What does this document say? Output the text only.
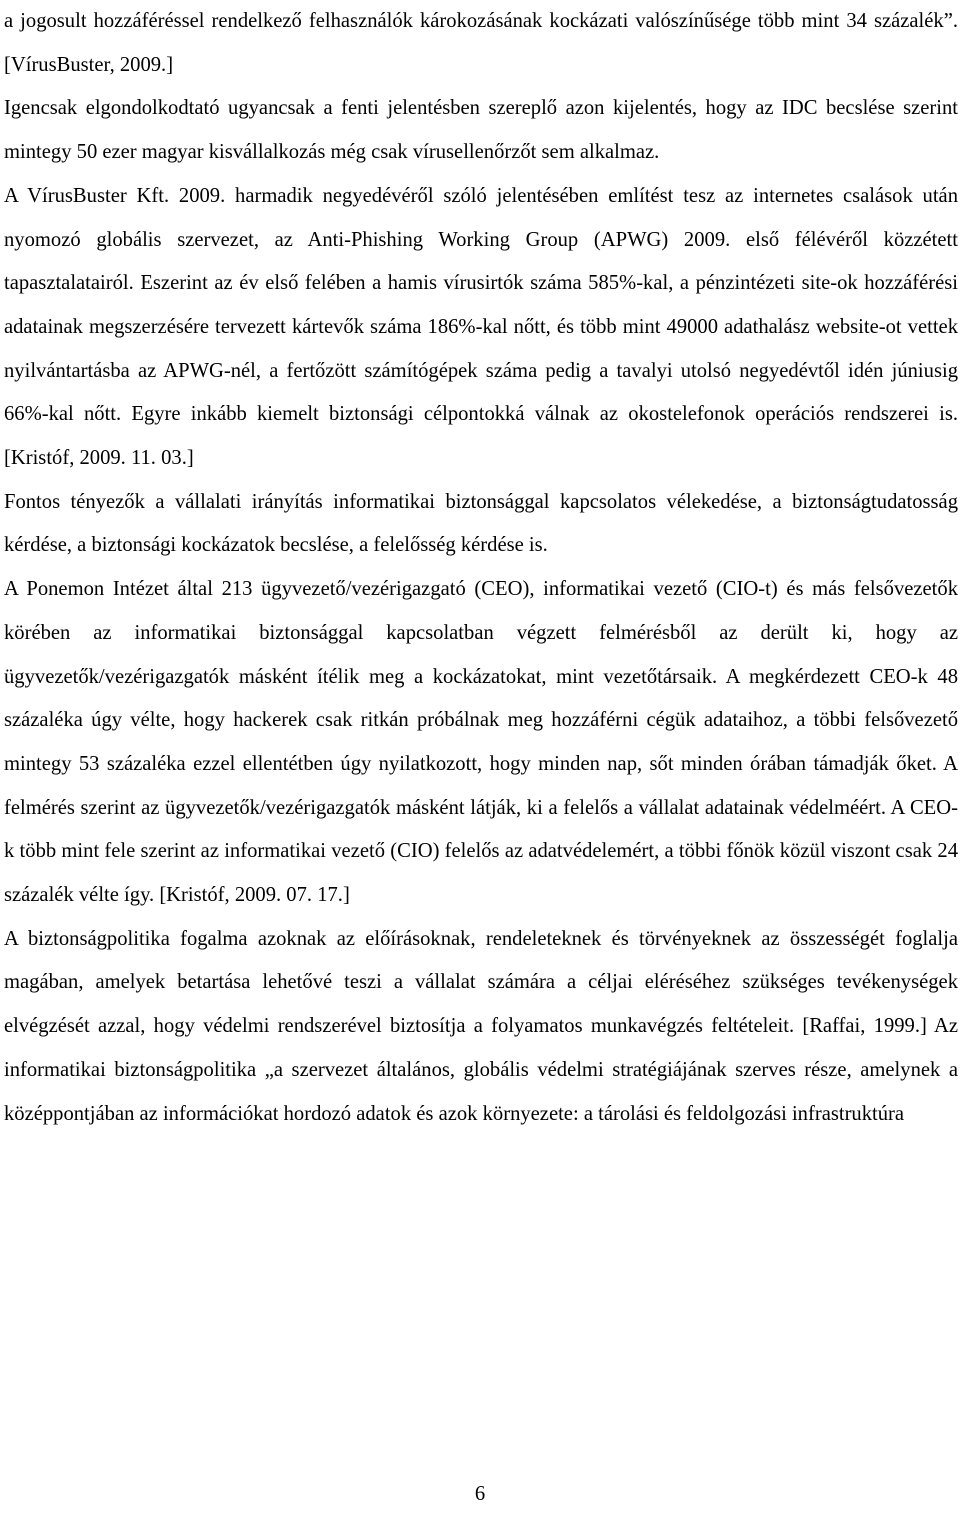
a jogosult hozzáféréssel rendelkező felhasználók károkozásának kockázati valószínűsége több mint 34 százalék”. [VírusBuster, 2009.]

Igencsak elgondolkodtató ugyancsak a fenti jelentésben szereplő azon kijelentés, hogy az IDC becslése szerint mintegy 50 ezer magyar kisvállalkozás még csak vírusellenőrzőt sem alkalmaz.

A VírusBuster Kft. 2009. harmadik negyedévéről szóló jelentésében említést tesz az internetes csalások után nyomozó globális szervezet, az Anti-Phishing Working Group (APWG) 2009. első félévéről közzétett tapasztalatairól. Eszerint az év első felében a hamis vírusirtók száma 585%-kal, a pénzintézeti site-ok hozzáférési adatainak megszerzésére tervezett kártevők száma 186%-kal nőtt, és több mint 49000 adathalász website-ot vettek nyilvántartásba az APWG-nél, a fertőzött számítógépek száma pedig a tavalyi utolsó negyedévtől idén júniusig 66%-kal nőtt. Egyre inkább kiemelt biztonsági célpontokká válnak az okostelefonok operációs rendszerei is. [Kristóf, 2009. 11. 03.]

Fontos tényezők a vállalati irányítás informatikai biztonsággal kapcsolatos vélekedése, a biztonságtudatosság kérdése, a biztonsági kockázatok becslése, a felelősség kérdése is.

A Ponemon Intézet által 213 ügyvezető/vezérigazgató (CEO), informatikai vezető (CIO-t) és más felsővezetők körében az informatikai biztonsággal kapcsolatban végzett felmérésből az derült ki, hogy az ügyvezetők/vezérigazgatók másként ítélik meg a kockázatokat, mint vezetőtársaik. A megkérdezett CEO-k 48 százaléka úgy vélte, hogy hackerek csak ritkán próbálnak meg hozzáférni cégük adataihoz, a többi felsővezető mintegy 53 százaléka ezzel ellentétben úgy nyilatkozott, hogy minden nap, sőt minden órában támadják őket. A felmérés szerint az ügyvezetők/vezérigazgatók másként látják, ki a felelős a vállalat adatainak védelméért. A CEO-k több mint fele szerint az informatikai vezető (CIO) felelős az adatvédelemért, a többi főnök közül viszont csak 24 százalék vélte így. [Kristóf, 2009. 07. 17.]

A biztonságpolitika fogalma azoknak az előírásoknak, rendeleteknek és törvényeknek az összességét foglalja magában, amelyek betartása lehetővé teszi a vállalat számára a céljai eléréséhez szükséges tevékenységek elvégzését azzal, hogy védelmi rendszerével biztosítja a folyamatos munkavégzés feltételeit. [Raffai, 1999.] Az informatikai biztonságpolitika „a szervezet általános, globális védelmi stratégiájának szerves része, amelynek a középpontjában az információkat hordozó adatok és azok környezete: a tárolási és feldolgozási infrastruktúra

6
